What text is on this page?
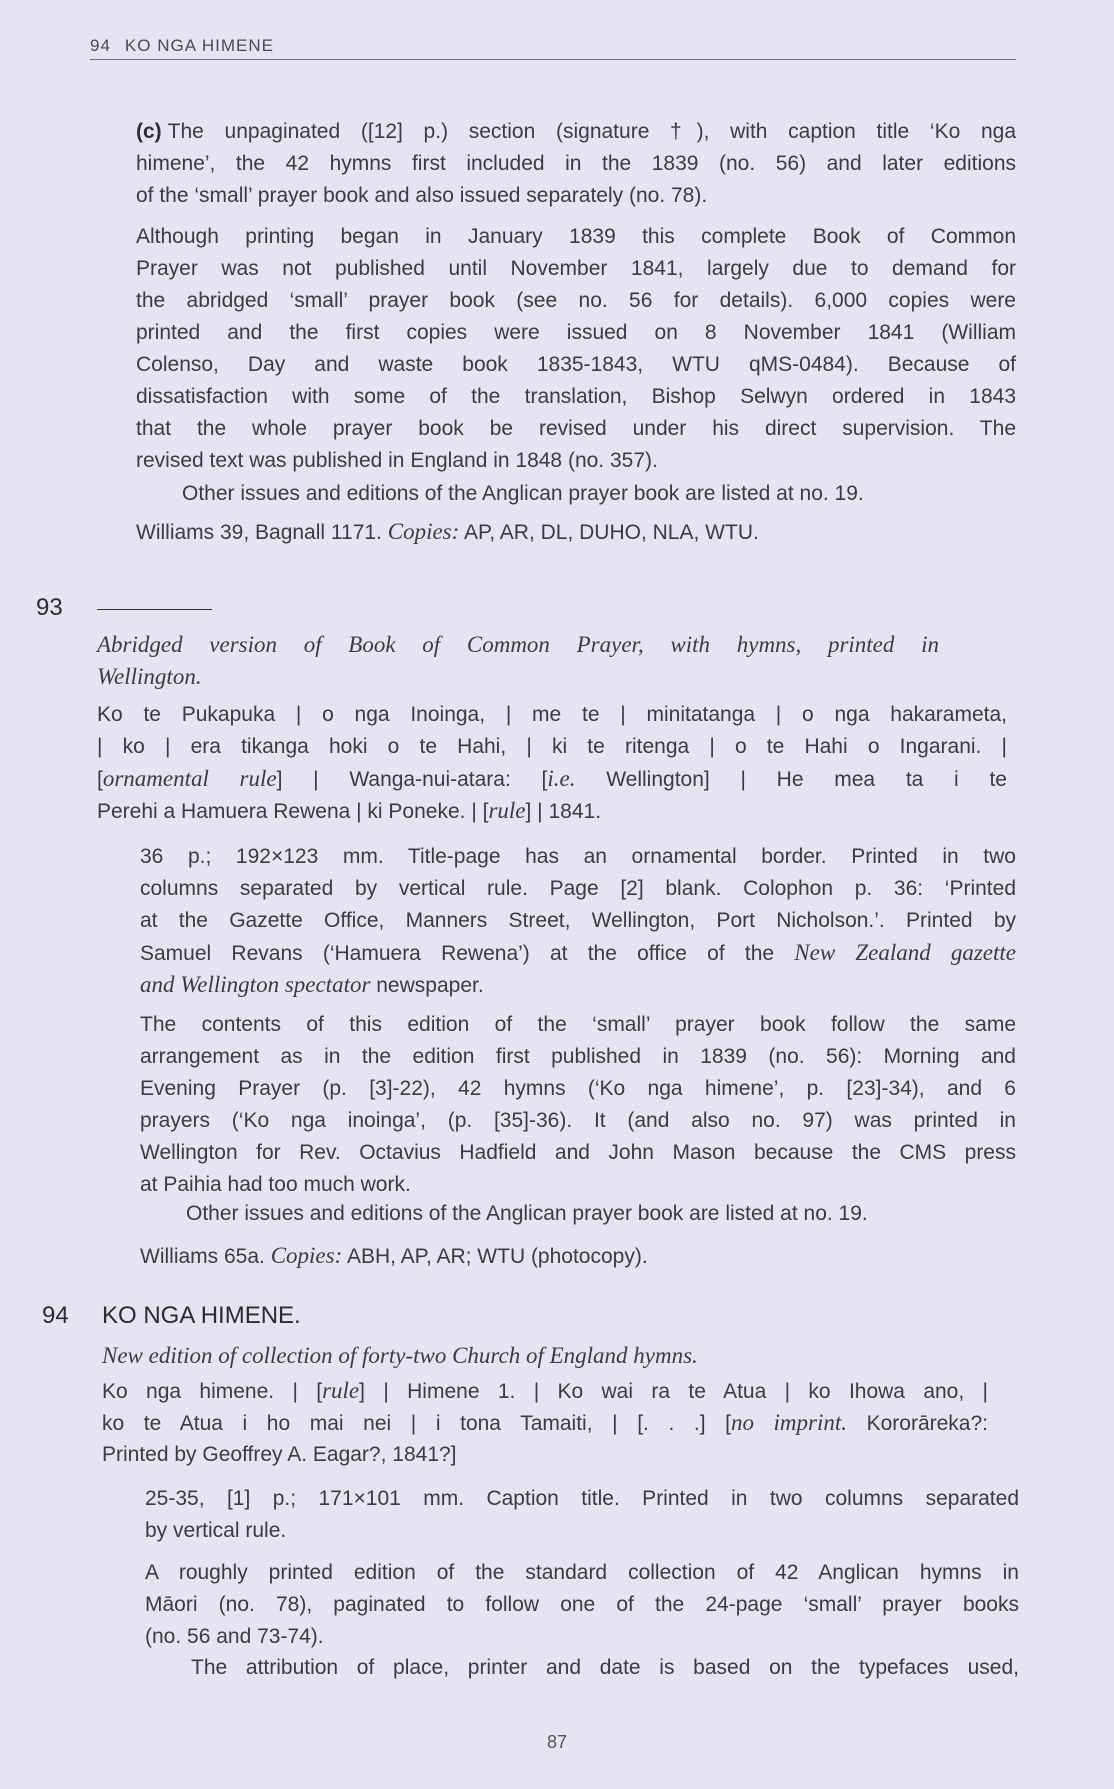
94 KO NGA HIMENE
(c) The unpaginated ([12] p.) section (signature †), with caption title ‘Ko nga
himene’, the 42 hymns first included in the 1839 (no. 56) and later editions
of the ‘small’ prayer book and also issued separately (no. 78).
Although printing began in January 1839 this complete Book of Common
Prayer was not published until November 1841, largely due to demand for
the abridged ‘small’ prayer book (see no. 56 for details). 6,000 copies were
printed and the first copies were issued on 8 November 1841 (William
Colenso, Day and waste book 1835-1843, WTU qMS-0484). Because of
dissatisfaction with some of the translation, Bishop Selwyn ordered in 1843
that the whole prayer book be revised under his direct supervision. The
revised text was published in England in 1848 (no. 357).
Other issues and editions of the Anglican prayer book are listed at no. 19.
Williams 39, Bagnall 1171. Copies: AP, AR, DL, DUHO, NLA, WTU.
93
Abridged version of Book of Common Prayer, with hymns, printed in
Wellington.
Ko te Pukapuka | o nga Inoinga, | me te | minitatanga | o nga hakarameta,
| ko | era tikanga hoki o te Hahi, | ki te ritenga | o te Hahi o Ingarani. |
[ornamental rule] | Wanga-nui-atara: [i.e. Wellington] | He mea ta i te
Perehi a Hamuera Rewena | ki Poneke. | [rule] | 1841.
36 p.; 192×123 mm. Title-page has an ornamental border. Printed in two
columns separated by vertical rule. Page [2] blank. Colophon p. 36: ‘Printed
at the Gazette Office, Manners Street, Wellington, Port Nicholson.’. Printed by
Samuel Revans (‘Hamuera Rewena’) at the office of the New Zealand gazette
and Wellington spectator newspaper.
The contents of this edition of the ‘small’ prayer book follow the same
arrangement as in the edition first published in 1839 (no. 56): Morning and
Evening Prayer (p. [3]-22), 42 hymns (‘Ko nga himene’, p. [23]-34), and 6
prayers (‘Ko nga inoinga’, (p. [35]-36). It (and also no. 97) was printed in
Wellington for Rev. Octavius Hadfield and John Mason because the CMS press
at Paihia had too much work.
Other issues and editions of the Anglican prayer book are listed at no. 19.
Williams 65a. Copies: ABH, AP, AR; WTU (photocopy).
94 KO NGA HIMENE.
New edition of collection of forty-two Church of England hymns.
Ko nga himene. | [rule] | Himene 1. | Ko wai ra te Atua | ko Ihowa ano, |
ko te Atua i ho mai nei | i tona Tamaiti, | [. . .] [no imprint. Kororāreka?:
Printed by Geoffrey A. Eagar?, 1841?]
25-35, [1] p.; 171×101 mm. Caption title. Printed in two columns separated
by vertical rule.
A roughly printed edition of the standard collection of 42 Anglican hymns in
Māori (no. 78), paginated to follow one of the 24-page ‘small’ prayer books
(no. 56 and 73-74).
The attribution of place, printer and date is based on the typefaces used,
87
